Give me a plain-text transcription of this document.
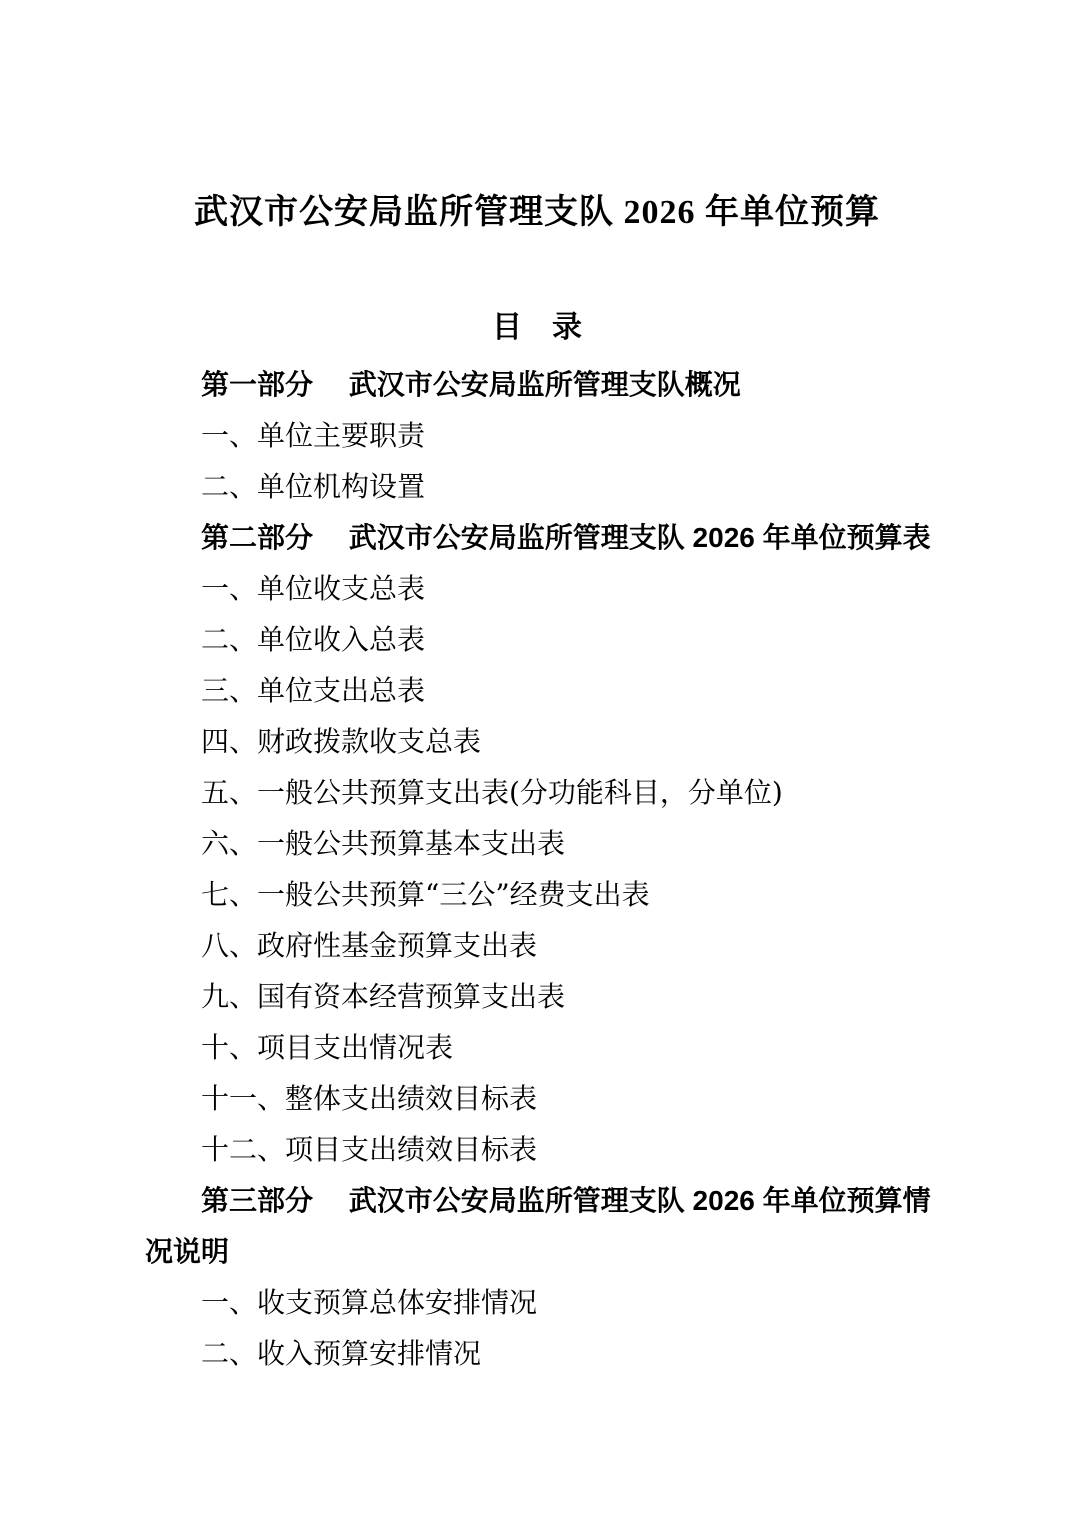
武汉市公安局监所管理支队 2026 年单位预算
目　录

第一部分　 武汉市公安局监所管理支队概况

一、单位主要职责

二、单位机构设置

第二部分　 武汉市公安局监所管理支队 2026 年单位预算表

一、单位收支总表

二、单位收入总表

三、单位支出总表

四、财政拨款收支总表

五、一般公共预算支出表(分功能科目，分单位)

六、一般公共预算基本支出表

七、一般公共预算“三公”经费支出表

八、政府性基金预算支出表

九、国有资本经营预算支出表

十、项目支出情况表

十一、整体支出绩效目标表

十二、项目支出绩效目标表

第三部分　 武汉市公安局监所管理支队 2026 年单位预算情况说明

一、收支预算总体安排情况

二、收入预算安排情况
